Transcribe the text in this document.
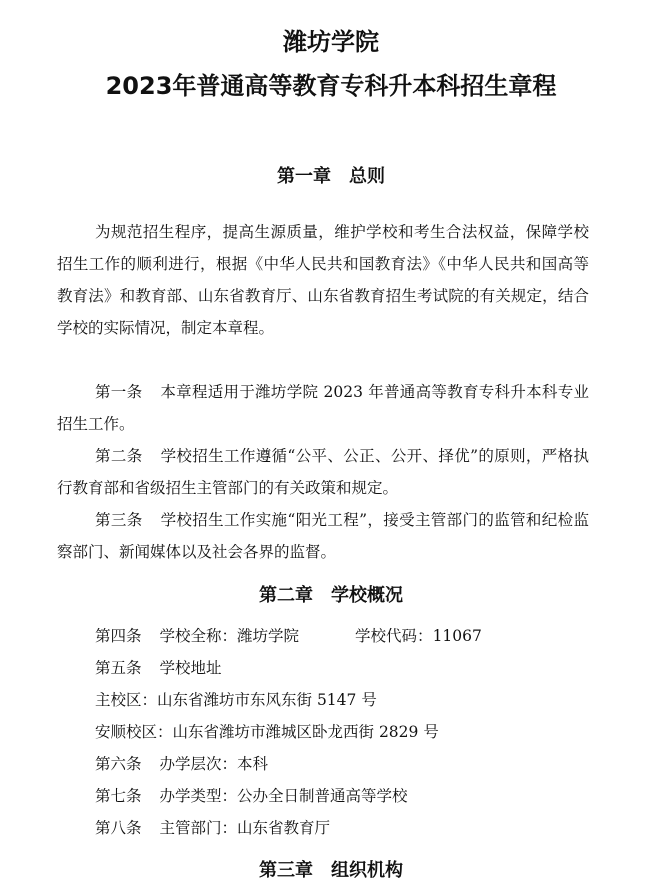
潍坊学院
2023年普通高等教育专科升本科招生章程
第一章　总则

为规范招生程序，提高生源质量，维护学校和考生合法权益，保障学校招生工作的顺利进行，根据《中华人民共和国教育法》《中华人民共和国高等教育法》和教育部、山东省教育厅、山东省教育招生考试院的有关规定，结合学校的实际情况，制定本章程。

第一条 本章程适用于潍坊学院 2023 年普通高等教育专科升本科专业招生工作。

第二条 学校招生工作遵循“公平、公正、公开、择优”的原则，严格执行教育部和省级招生主管部门的有关政策和规定。

第三条 学校招生工作实施“阳光工程”，接受主管部门的监管和纪检监察部门、新闻媒体以及社会各界的监督。

第二章　学校概况

第四条 学校全称：潍坊学院	学校代码：11067

第五条 学校地址

主校区：山东省潍坊市东风东街 5147 号

安顺校区：山东省潍坊市潍城区卧龙西街 2829 号

第六条 办学层次：本科

第七条 办学类型：公办全日制普通高等学校

第八条 主管部门：山东省教育厅

第三章　组织机构
